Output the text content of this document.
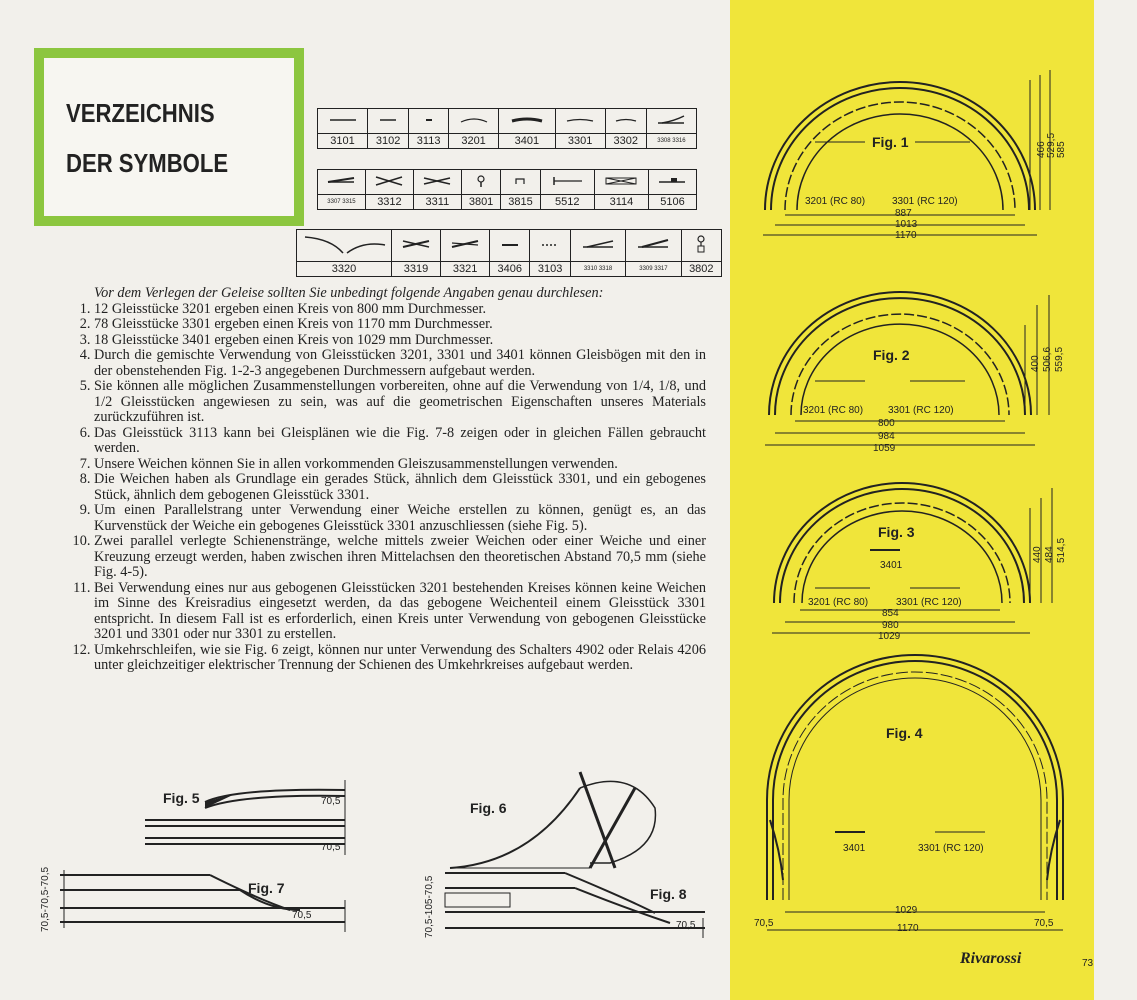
VERZEICHNIS
DER SYMBOLE

3101	3102	3113	3201	3401	3301	3302	3308 3316

3307 3315	3312	3311	3801	3815	5512	3114	5106

3320	3319	3321	3406	3103	3310 3318	3309 3317	3802
Vor dem Verlegen der Geleise sollten Sie unbedingt folgende Angaben genau durchlesen:
1. 12 Gleisstücke 3201 ergeben einen Kreis von 800 mm Durchmesser.
2. 78 Gleisstücke 3301 ergeben einen Kreis von 1170 mm Durchmesser.
3. 18 Gleisstücke 3401 ergeben einen Kreis von 1029 mm Durchmesser.
4. Durch die gemischte Verwendung von Gleisstücken 3201, 3301 und 3401 können Gleisbögen mit den in der obenstehenden Fig. 1-2-3 angegebenen Durchmessern aufgebaut werden.
5. Sie können alle möglichen Zusammenstellungen vorbereiten, ohne auf die Verwendung von 1/4, 1/8, und 1/2 Gleisstücken angewiesen zu sein, was auf die geometrischen Eigenschaften unseres Materials zurückzuführen ist.
6. Das Gleisstück 3113 kann bei Gleisplänen wie die Fig. 7-8 zeigen oder in gleichen Fällen gebraucht werden.
7. Unsere Weichen können Sie in allen vorkommenden Gleiszusammenstellungen verwenden.
8. Die Weichen haben als Grundlage ein gerades Stück, ähnlich dem Gleisstück 3301, und ein gebogenes Stück, ähnlich dem gebogenen Gleisstück 3301.
9. Um einen Parallelstrang unter Verwendung einer Weiche erstellen zu können, genügt es, an das Kurvenstück der Weiche ein gebogenes Gleisstück 3301 anzuschliessen (siehe Fig. 5).
10. Zwei parallel verlegte Schienenstränge, welche mittels zweier Weichen oder einer Weiche und einer Kreuzung erzeugt werden, haben zwischen ihren Mittelachsen den theoretischen Abstand 70,5 mm (siehe Fig. 4-5).
11. Bei Verwendung eines nur aus gebogenen Gleisstücken 3201 bestehenden Kreises können keine Weichen im Sinne des Kreisradius eingesetzt werden, da das gebogene Weichenteil einem Gleisstück 3301 entspricht. In diesem Fall ist es erforderlich, einen Kreis unter Verwendung von gebogenen Gleisstücke 3201 und 3301 oder nur 3301 zu erstellen.
12. Umkehrschleifen, wie sie Fig. 6 zeigt, können nur unter Verwendung des Schalters 4902 oder Relais 4206 unter gleichzeitiger elektrischer Trennung der Schienen des Umkehrkreises aufgebaut werden.
Fig. 5	70,5
70,5
Fig. 6
Fig. 7
70,5
70,5-70,5-70,5	Fig. 8
70,5
70,5-105-70,5
Fig. 1
3201 (RC 80)	3301 (RC 120)
887
1013
1170
466 529,5 585
Fig. 2
3201 (RC 80) 3301 (RC 120)
800
984
1059
400 506,6 559,5
Fig. 3
3401
3201 (RC 80)	3301 (RC 120)
854
980
1029
440 484 514,5
Fig. 4
3401	3301 (RC 120)
1029
1170
70,5	70,5
Rivarossi	73
